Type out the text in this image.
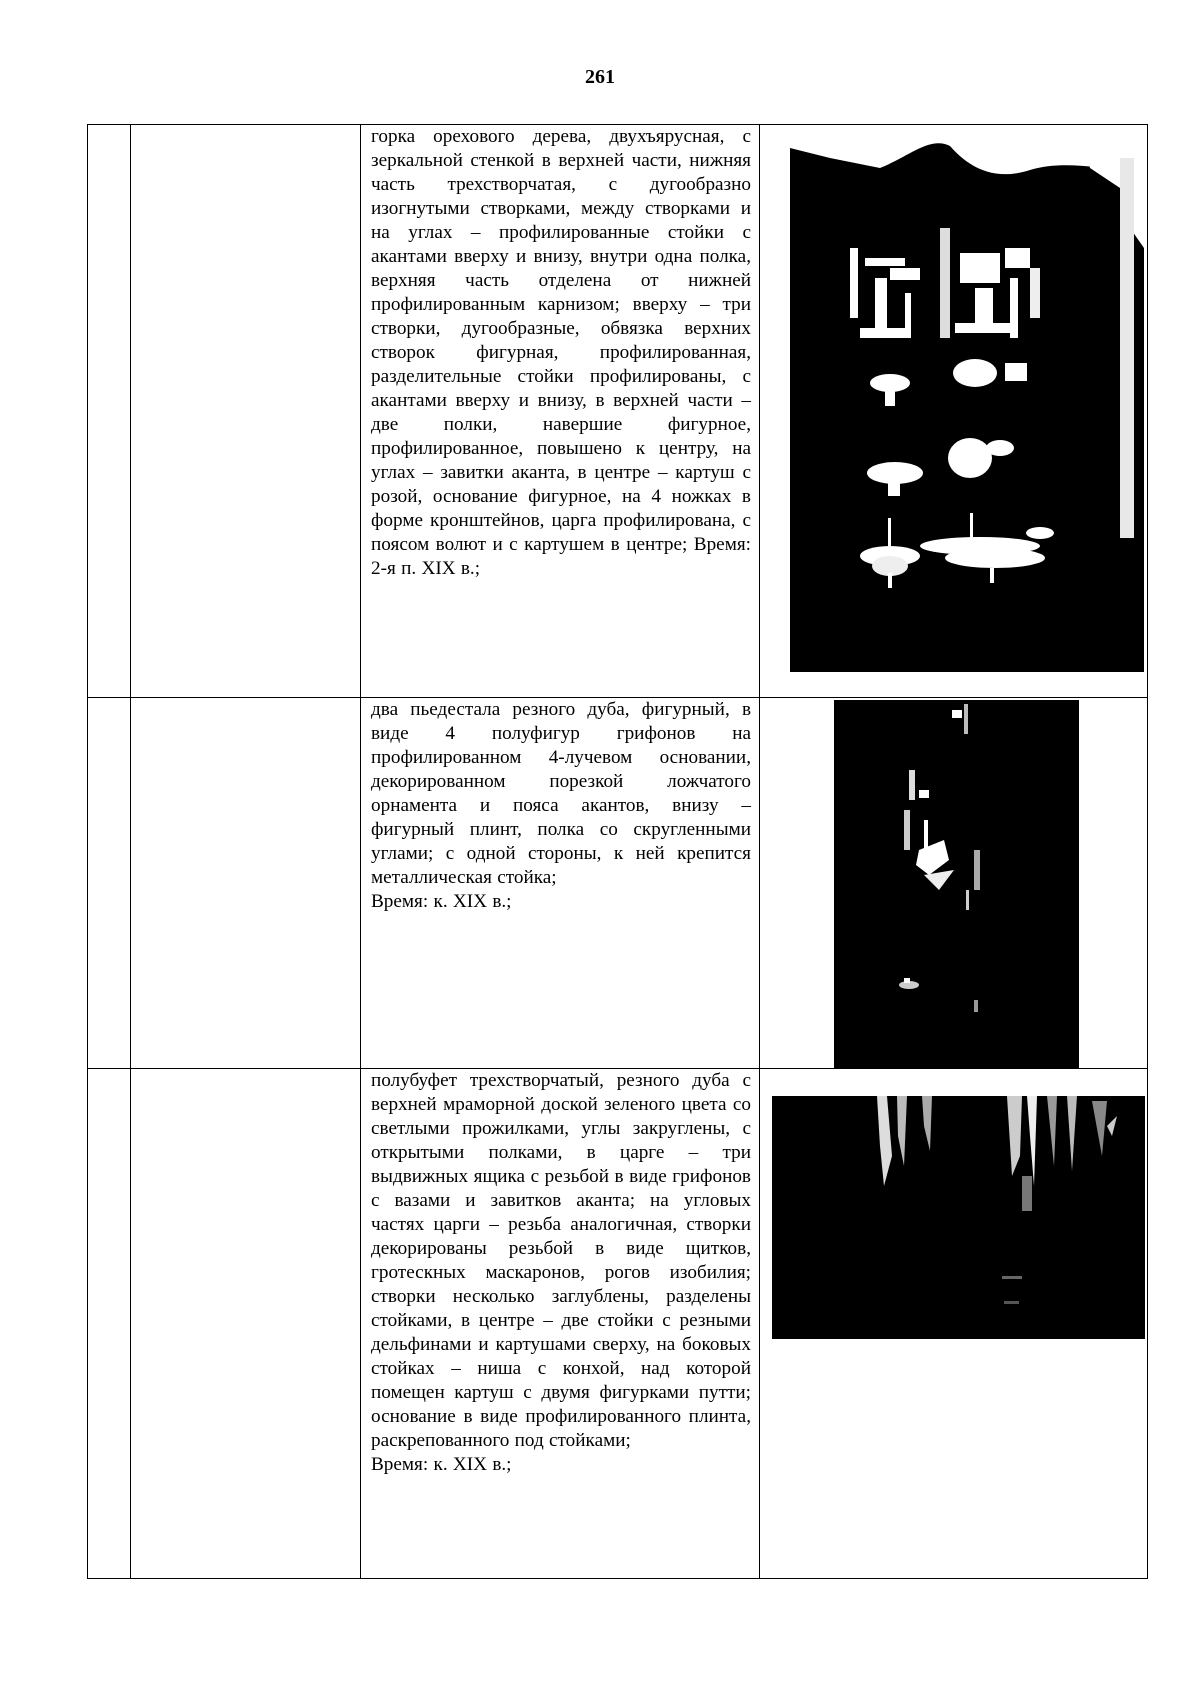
261

		горка орехового дерева, двухъярусная, с зеркальной стенкой в верхней части, нижняя часть трехстворчатая, с дугообразно изогнутыми створками, между створками и на углах – профилированные стойки с акантами вверху и внизу, внутри одна полка, верхняя часть отделена от нижней профилированным карнизом; вверху – три створки, дугообразные, обвязка верхних створок фигурная, профилированная, разделительные стойки профилированы, с акантами вверху и внизу, в верхней части – две полки, навершие фигурное, профилированное, повышено к центру, на углах – завитки аканта, в центре – картуш с розой, основание фигурное, на 4 ножках в форме кронштейнов, царга профилирована, с поясом волют и с картушем в центре; Время: 2-я п. XIX в.;

		два пьедестала резного дуба, фигурный, в виде 4 полуфигур грифонов на профилированном 4-лучевом основании, декорированном порезкой ложчатого орнамента и пояса акантов, внизу – фигурный плинт, полка со скругленными углами; с одной стороны, к ней крепится металлическая стойка;
Время: к. XIX в.;

		полубуфет трехстворчатый, резного дуба с верхней мраморной доской зеленого цвета со светлыми прожилками, углы закруглены, с открытыми полками, в царге – три выдвижных ящика с резьбой в виде грифонов с вазами и завитков аканта; на угловых частях царги – резьба аналогичная, створки декорированы резьбой в виде щитков, гротескных маскаронов, рогов изобилия; створки несколько заглублены, разделены стойками, в центре – две стойки с резными дельфинами и картушами сверху, на боковых стойках – ниша с конхой, над которой помещен картуш с двумя фигурками путти; основание в виде профилированного плинта, раскрепованного под стойками;
Время: к. XIX в.;
